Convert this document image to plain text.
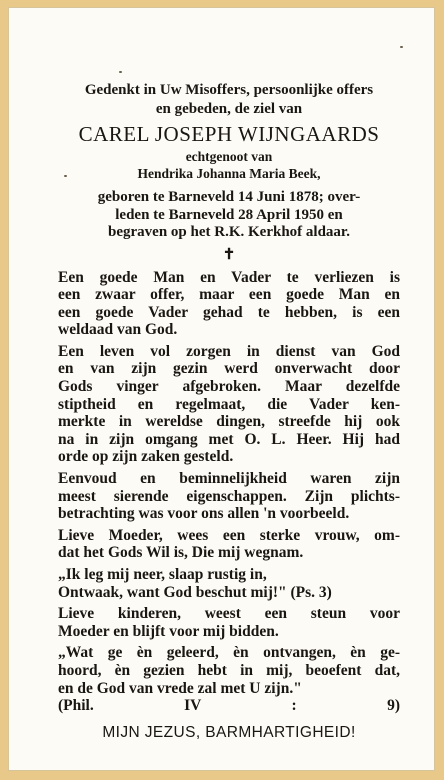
Gedenkt in Uw Misoffers, persoonlijke offers
en gebeden, de ziel van
CAREL JOSEPH WIJNGAARDS
echtgenoot van
Hendrika Johanna Maria Beek,
geboren te Barneveld 14 Juni 1878; over-
leden te Barneveld 28 April 1950 en
begraven op het R.K. Kerkhof aldaar.
✝
Een goede Man en Vader te verliezen is
een zwaar offer, maar een goede Man en
een goede Vader gehad te hebben, is een
weldaad van God.
Een leven vol zorgen in dienst van God
en van zijn gezin werd onverwacht door
Gods vinger afgebroken. Maar dezelfde
stiptheid en regelmaat, die Vader ken-
merkte in wereldse dingen, streefde hij ook
na in zijn omgang met O. L. Heer. Hij had
orde op zijn zaken gesteld.
Eenvoud en beminnelijkheid waren zijn
meest sierende eigenschappen. Zijn plichts-
betrachting was voor ons allen 'n voorbeeld.
Lieve Moeder, wees een sterke vrouw, om-
dat het Gods Wil is, Die mij wegnam.
„Ik leg mij neer, slaap rustig in,
Ontwaak, want God beschut mij!" (Ps. 3)
Lieve kinderen, weest een steun voor
Moeder en blijft voor mij bidden.
„Wat ge èn geleerd, èn ontvangen, èn ge-
hoord, èn gezien hebt in mij, beoefent dat,
en de God van vrede zal met U zijn."
(Phil. IV : 9)
MIJN JEZUS, BARMHARTIGHEID!
